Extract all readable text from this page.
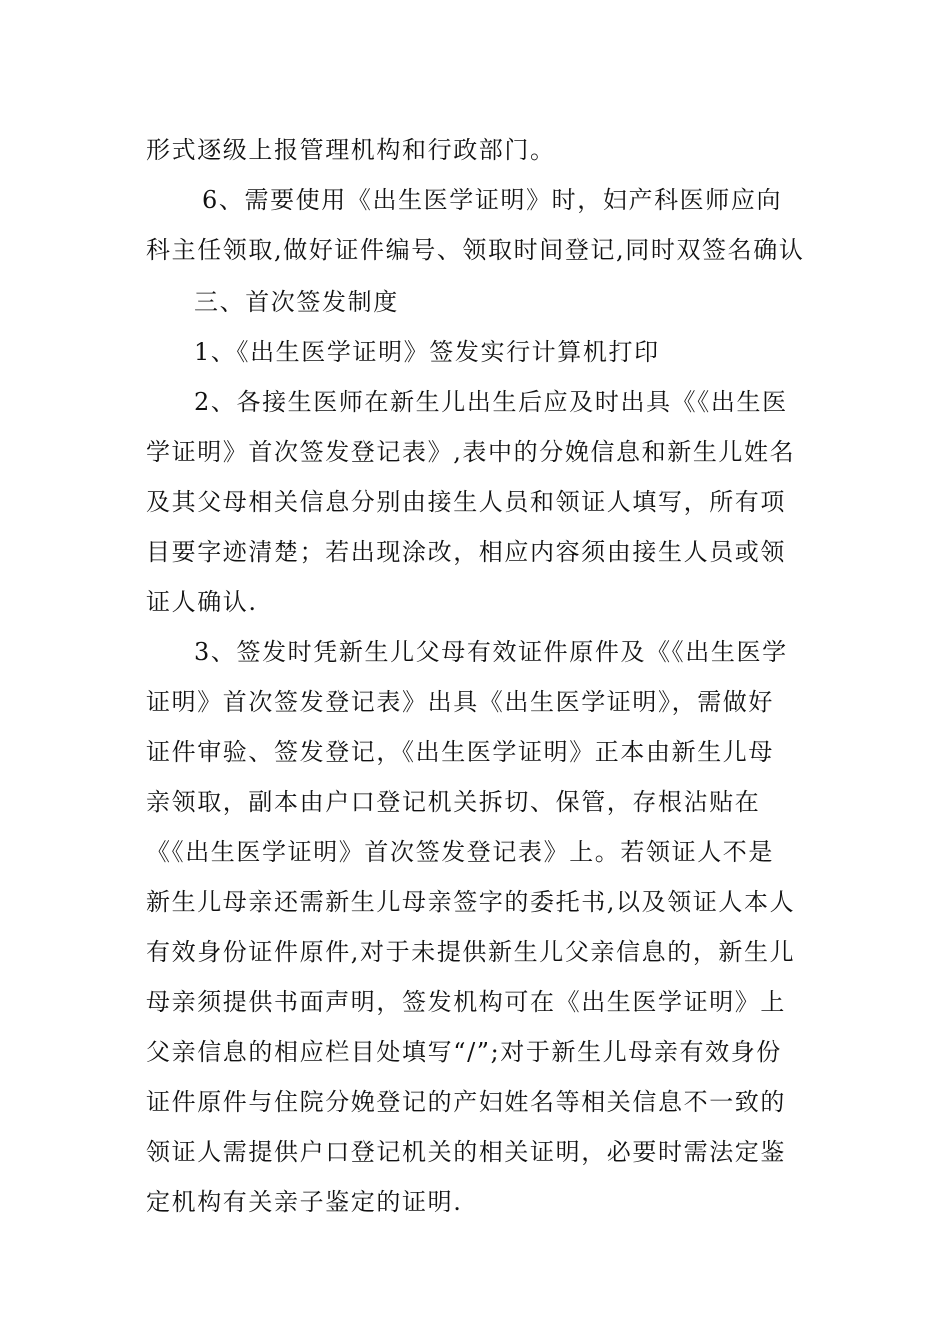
形式逐级上报管理机构和行政部门。
6、需要使用《出生医学证明》时，妇产科医师应向
科主任领取,做好证件编号、领取时间登记,同时双签名确认
三、首次签发制度
1、《出生医学证明》签发实行计算机打印
2、各接生医师在新生儿出生后应及时出具《《出生医
学证明》首次签发登记表》,表中的分娩信息和新生儿姓名
及其父母相关信息分别由接生人员和领证人填写，所有项
目要字迹清楚；若出现涂改，相应内容须由接生人员或领
证人确认.
3、签发时凭新生儿父母有效证件原件及《《出生医学
证明》首次签发登记表》出具《出生医学证明》，需做好
证件审验、签发登记，《出生医学证明》正本由新生儿母
亲领取，副本由户口登记机关拆切、保管，存根沾贴在
《《出生医学证明》首次签发登记表》上。若领证人不是
新生儿母亲还需新生儿母亲签字的委托书,以及领证人本人
有效身份证件原件,对于未提供新生儿父亲信息的，新生儿
母亲须提供书面声明，签发机构可在《出生医学证明》上
父亲信息的相应栏目处填写“/”;对于新生儿母亲有效身份
证件原件与住院分娩登记的产妇姓名等相关信息不一致的
领证人需提供户口登记机关的相关证明，必要时需法定鉴
定机构有关亲子鉴定的证明.
